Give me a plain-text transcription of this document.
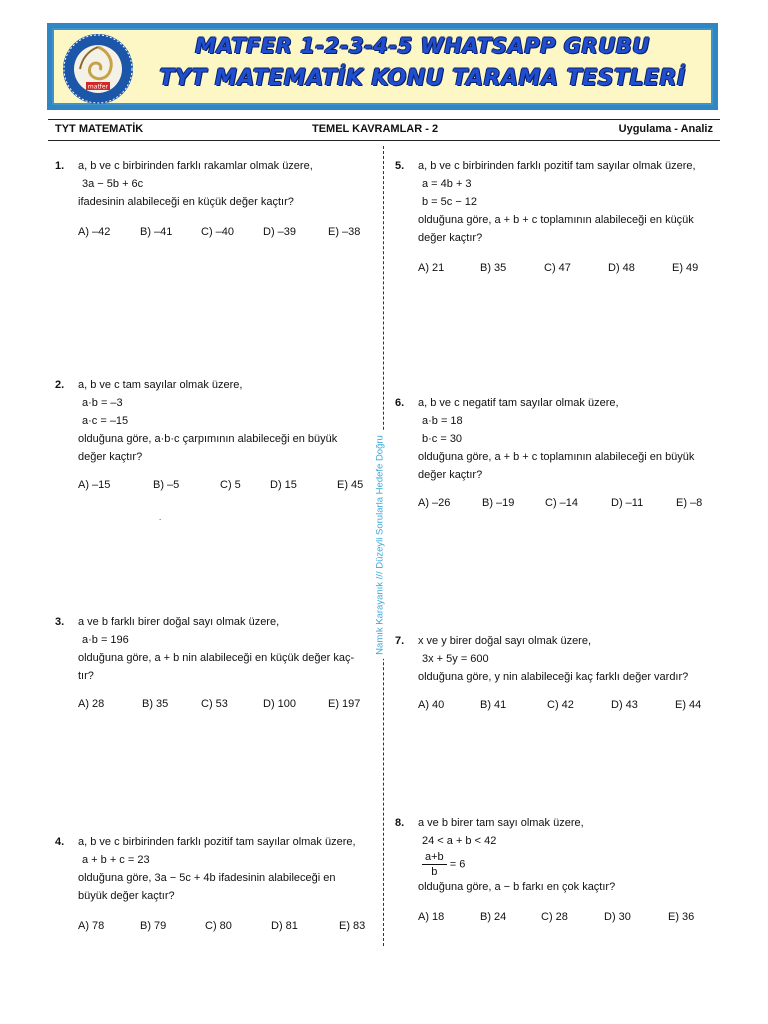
matfer
MATFER 1-2-3-4-5 WHATSAPP GRUBU
TYT MATEMATİK KONU TARAMA TESTLERİ
TYT MATEMATİK	TEMEL KAVRAMLAR - 2	Uygulama - Analiz
Namık Karayanık /// Düzeyli Sorularla Hedefe Doğru
1. a, b ve c birbirinden farklı rakamlar olmak üzere,
3a − 5b + 6c
ifadesinin alabileceği en küçük değer kaçtır?
A) –42	B) –41	C) –40	D) –39	E) –38
2. a, b ve c tam sayılar olmak üzere,
a·b = –3
a·c = –15
olduğuna göre, a·b·c çarpımının alabileceği en büyük
değer kaçtır?
A) –15	B) –5	C) 5	D) 15	E) 45
.
3. a ve b farklı birer doğal sayı olmak üzere,
a·b = 196
olduğuna göre, a + b nin alabileceği en küçük değer kaç-
tır?
A) 28	B) 35	C) 53	D) 100	E) 197
4. a, b ve c birbirinden farklı pozitif tam sayılar olmak üzere,
a + b + c = 23
olduğuna göre, 3a − 5c + 4b ifadesinin alabileceği en
büyük değer kaçtır?
A) 78	B) 79	C) 80	D) 81	E) 83
5. a, b ve c birbirinden farklı pozitif tam sayılar olmak üzere,
a = 4b + 3
b = 5c − 12
olduğuna göre, a + b + c toplamının alabileceği en küçük
değer kaçtır?
A) 21	B) 35	C) 47	D) 48	E) 49
6. a, b ve c negatif tam sayılar olmak üzere,
a·b = 18
b·c = 30
olduğuna göre, a + b + c toplamının alabileceği en büyük
değer kaçtır?
A) –26	B) –19	C) –14	D) –11	E) –8
7. x ve y birer doğal sayı olmak üzere,
3x + 5y = 600
olduğuna göre, y nin alabileceği kaç farklı değer vardır?
A) 40	B) 41	C) 42	D) 43	E) 44
8. a ve b birer tam sayı olmak üzere,
24 < a + b < 42
$\frac{a+b}{b} = 6$
olduğuna göre, a − b farkı en çok kaçtır?
A) 18	B) 24	C) 28	D) 30	E) 36
